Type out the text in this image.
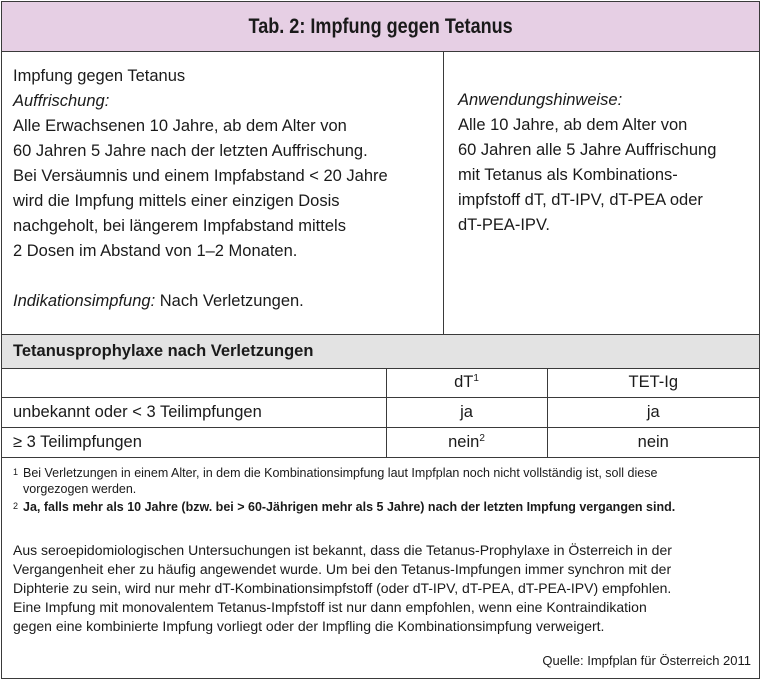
Tab. 2: Impfung gegen Tetanus
Impfung gegen Tetanus
Auffrischung:
Alle Erwachsenen 10 Jahre, ab dem Alter von
60 Jahren 5 Jahre nach der letzten Auffrischung.
Bei Versäumnis und einem Impfabstand < 20 Jahre
wird die Impfung mittels einer einzigen Dosis
nachgeholt, bei längerem Impfabstand mittels
2 Dosen im Abstand von 1–2 Monaten.
Indikationsimpfung: Nach Verletzungen.
Anwendungshinweise:
Alle 10 Jahre, ab dem Alter von
60 Jahren alle 5 Jahre Auffrischung
mit Tetanus als Kombinations-
impfstoff dT, dT-IPV, dT-PEA oder
dT-PEA-IPV.
Tetanusprophylaxe nach Verletzungen
	$dT^1$	TET-Ig
unbekannt oder < 3 Teilimpfungen	ja	ja
≥ 3 Teilimpfungen	nein$^2$	nein
1 Bei Verletzungen in einem Alter, in dem die Kombinationsimpfung laut Impfplan noch nicht vollständig ist, soll diese
vorgezogen werden.
2 Ja, falls mehr als 10 Jahre (bzw. bei > 60-Jährigen mehr als 5 Jahre) nach der letzten Impfung vergangen sind.
Aus seroepidomiologischen Untersuchungen ist bekannt, dass die Tetanus-Prophylaxe in Österreich in der
Vergangenheit eher zu häufig angewendet wurde. Um bei den Tetanus-Impfungen immer synchron mit der
Diphterie zu sein, wird nur mehr dT-Kombinationsimpfstoff (oder dT-IPV, dT-PEA, dT-PEA-IPV) empfohlen.
Eine Impfung mit monovalentem Tetanus-Impfstoff ist nur dann empfohlen, wenn eine Kontraindikation
gegen eine kombinierte Impfung vorliegt oder der Impfling die Kombinationsimpfung verweigert.
Quelle: Impfplan für Österreich 2011
